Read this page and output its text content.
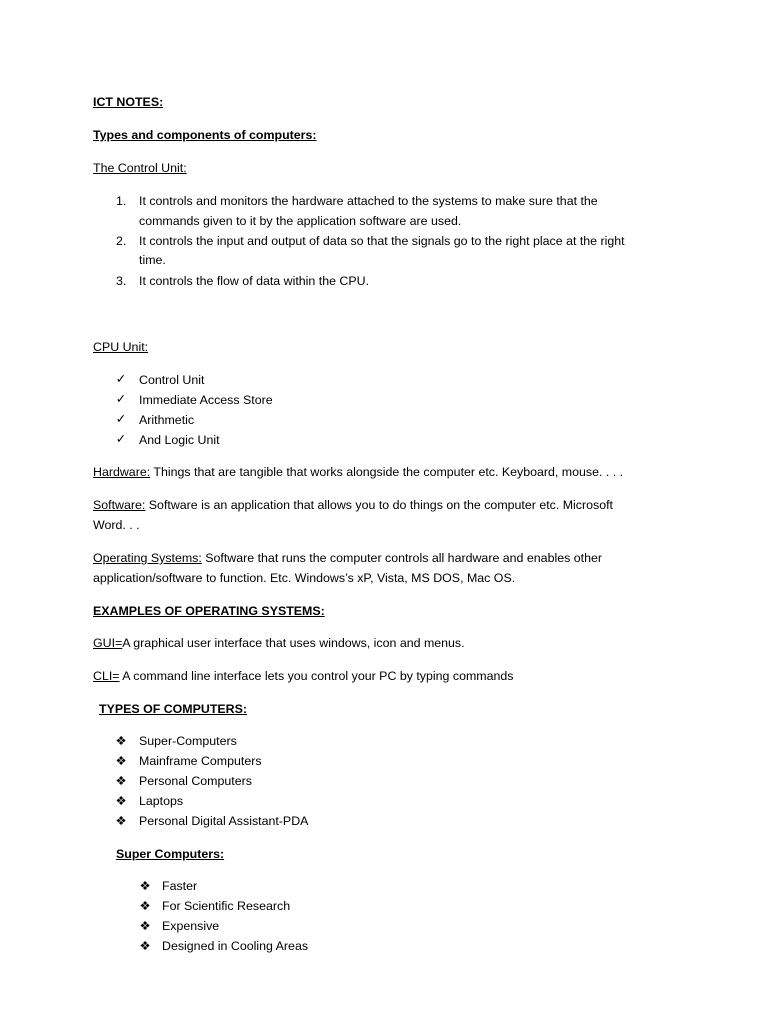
ICT NOTES:
Types and components of computers:
The Control Unit:
1.	It controls and monitors the hardware attached to the systems to make sure that the
commands given to it by the application software are used.
2.	It controls the input and output of data so that the signals go to the right place at the right
time.
3.	It controls the flow of data within the CPU.
CPU Unit:
✓	Control Unit
✓	Immediate Access Store
✓	Arithmetic
✓	And Logic Unit
Hardware: Things that are tangible that works alongside the computer etc. Keyboard, mouse. . . .
Software: Software is an application that allows you to do things on the computer etc. Microsoft
Word. . .
Operating Systems: Software that runs the computer controls all hardware and enables other
application/software to function. Etc. Windows’s xP, Vista, MS DOS, Mac OS.
EXAMPLES OF OPERATING SYSTEMS:
GUI=A graphical user interface that uses windows, icon and menus.
CLI= A command line interface lets you control your PC by typing commands
TYPES OF COMPUTERS:
❖ Super-Computers
❖ Mainframe Computers
❖ Personal Computers
❖ Laptops
❖ Personal Digital Assistant-PDA
Super Computers:
❖ Faster
❖ For Scientific Research
❖ Expensive
❖ Designed in Cooling Areas
